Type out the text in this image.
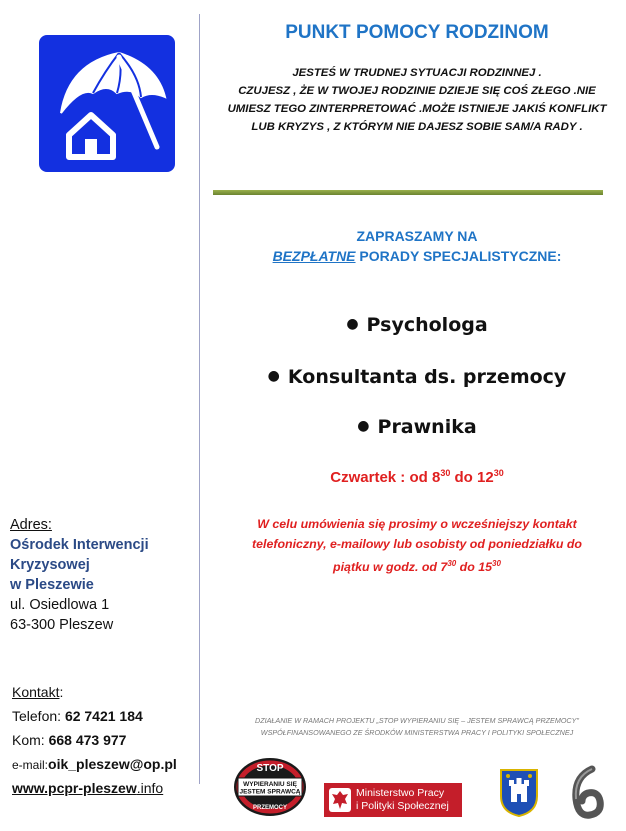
PUNKT POMOCY RODZINOM
JESTEŚ W TRUDNEJ SYTUACJI RODZINNEJ .
CZUJESZ , ŻE W TWOJEJ RODZINIE DZIEJE SIĘ COŚ ZŁEGO .NIE
UMIESZ TEGO ZINTERPRETOWAĆ .MOŻE ISTNIEJE JAKIŚ KONFLIKT
LUB KRYZYS , Z KTÓRYM NIE DAJESZ SOBIE SAM/A RADY .
ZAPRASZAMY NA
BEZPŁATNE PORADY SPECJALISTYCZNE:
● Psychologa
● Konsultanta ds. przemocy
● Prawnika
Czwartek : od $8^{30}$ do $12^{30}$
W celu umówienia się prosimy o wcześniejszy kontakt
telefoniczny, e-mailowy lub osobisty od poniedziałku do
piątku w godz. od $7^{30}$ do $15^{30}$
Adres:
Ośrodek Interwencji
Kryzysowej
w Pleszewie
ul. Osiedlowa 1
63-300 Pleszew
Kontakt:
Telefon: 62 7421 184
Kom: 668 473 977
e-mail:oik_pleszew@op.pl
www.pcpr-pleszew.info
DZIAŁANIE W RAMACH PROJEKTU „STOP WYPIERANIU SIĘ – JESTEM SPRAWCĄ PRZEMOCY"
WSPÓŁFINANSOWANEGO ZE ŚRODKÓW MINISTERSTWA PRACY I POLITYKI SPOŁECZNEJ
STOP
WYPIERANIU SIĘ
JESTEM SPRAWCĄ
PRZEMOCY
Ministerstwo Pracy
i Polityki Społecznej
